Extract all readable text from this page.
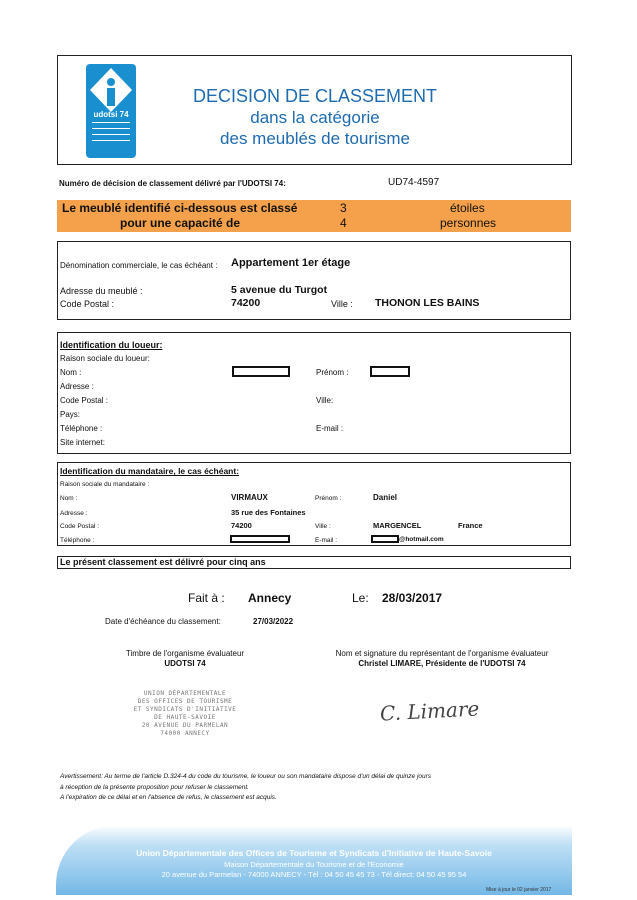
udotsi 74
DECISION DE CLASSEMENT
dans la catégorie
des meublés de tourisme
Numéro de décision de classement délivré par l'UDOTSI 74:	UD74-4597
Le meublé identifié ci-dessous est classé	3	étoiles
pour une capacité de	4	personnes
Dénomination commerciale, le cas échéant : Appartement 1er étage
Adresse du meublé :	5 avenue du Turgot
Code Postal :	74200	Ville : THONON LES BAINS
Identification du loueur:
Raison sociale du loueur:
Nom :	Prénom :
Adresse :
Code Postal :	Ville:
Pays:
Téléphone :	E-mail :
Site internet:
Identification du mandataire, le cas échéant:
Raison sociale du mandataire :
Nom :	VIRMAUX	Prénom :	Daniel
Adresse :	35 rue des Fontaines
Code Postal :	74200	Ville :	MARGENCEL	France
Téléphone :	E-mail :	@hotmail.com
Le présent classement est délivré pour cinq ans
Fait à : Annecy	Le: 28/03/2017
Date d'échéance du classement:	27/03/2022
Timbre de l'organisme évaluateur
UDOTSI 74
Nom et signature du représentant de l'organisme évaluateur
Christel LIMARE, Présidente de l'UDOTSI 74
UNION DÉPARTEMENTALE
DES OFFICES DE TOURISME
ET SYNDICATS D'INITIATIVE
DE HAUTE-SAVOIE
20 AVENUE DU PARMELAN
74000 ANNECY
C. Limare
Avertissement: Au terme de l'article D.324-4 du code du tourisme, le loueur ou son mandataire dispose d'un délai de quinze jours
à réception de la présente proposition pour refuser le classement.
A l'expiration de ce délai et en l'absence de refus, le classement est acquis.
Union Départementale des Offices de Tourisme et Syndicats d'Initiative de Haute-Savoie
Maison Départementale du Tourisme et de l'Economie
20 avenue du Parmelan - 74000 ANNECY - Tél : 04 50 45 45 73 - Tél direct: 04 50 45 95 54
Mise à jour le 02 janvier 2017
